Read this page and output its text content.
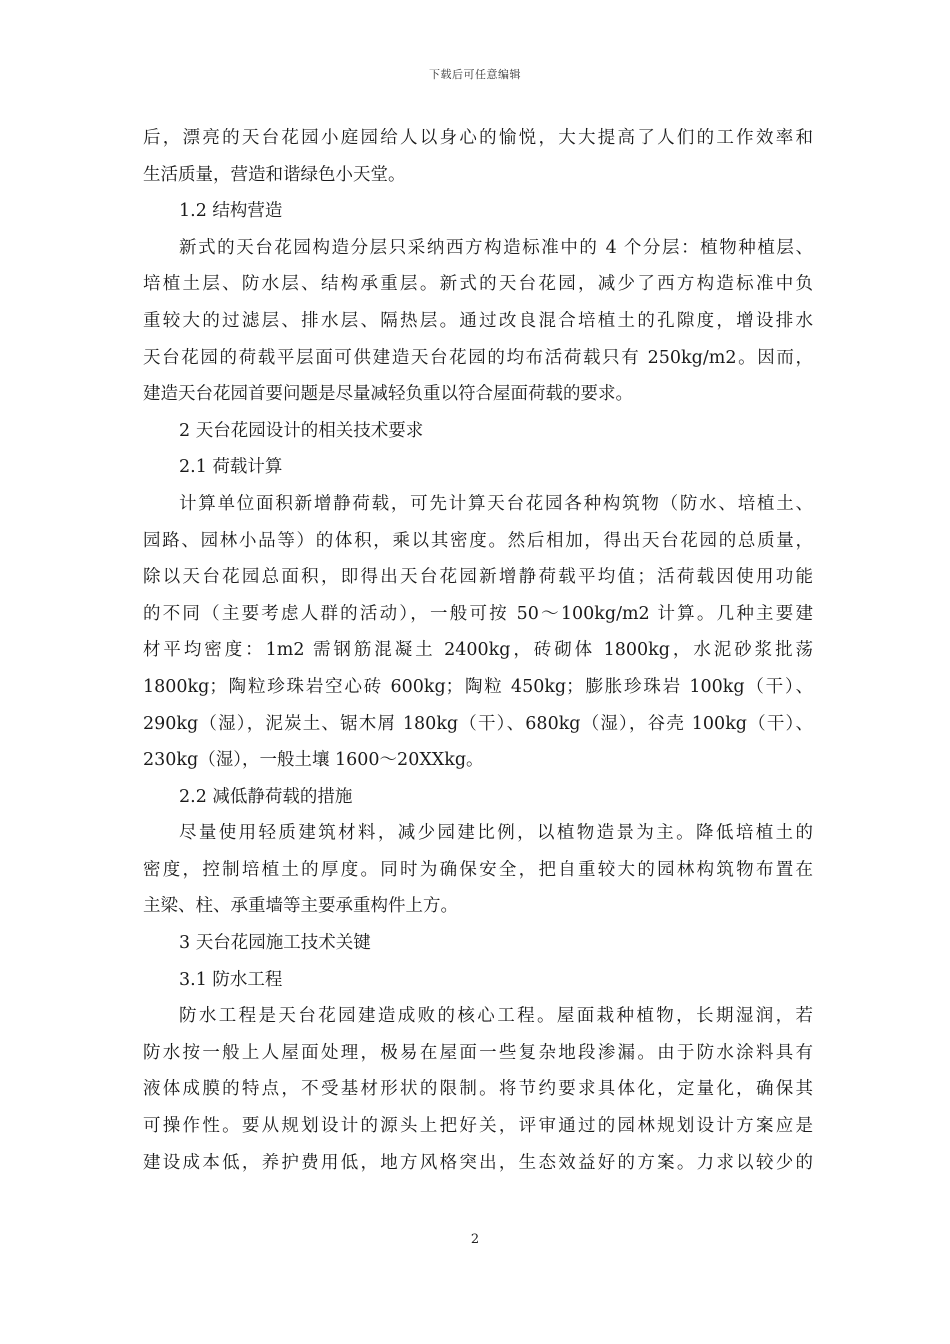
下载后可任意编辑
后，漂亮的天台花园小庭园给人以身心的愉悦，大大提高了人们的工作效率和
生活质量，营造和谐绿色小天堂。
1.2 结构营造
新式的天台花园构造分层只采纳西方构造标准中的 4 个分层：植物种植层、
培植土层、防水层、结构承重层。新式的天台花园，减少了西方构造标准中负
重较大的过滤层、排水层、隔热层。通过改良混合培植土的孔隙度，增设排水
天台花园的荷载平层面可供建造天台花园的均布活荷载只有 250kg/m2。因而，
建造天台花园首要问题是尽量减轻负重以符合屋面荷载的要求。
2 天台花园设计的相关技术要求
2.1 荷载计算
计算单位面积新增静荷载，可先计算天台花园各种构筑物（防水、培植土、
园路、园林小品等）的体积，乘以其密度。然后相加，得出天台花园的总质量，
除以天台花园总面积，即得出天台花园新增静荷载平均值；活荷载因使用功能
的不同（主要考虑人群的活动），一般可按 50～100kg/m2 计算。几种主要建
材平均密度：1m2 需钢筋混凝土 2400kg，砖砌体 1800kg，水泥砂浆批荡
1800kg；陶粒珍珠岩空心砖 600kg；陶粒 450kg；膨胀珍珠岩 100kg（干）、
290kg（湿），泥炭土、锯木屑 180kg（干）、680kg（湿），谷壳 100kg（干）、
230kg（湿），一般土壤 1600～20XXkg。
2.2 减低静荷载的措施
尽量使用轻质建筑材料，减少园建比例，以植物造景为主。降低培植土的
密度，控制培植土的厚度。同时为确保安全，把自重较大的园林构筑物布置在
主梁、柱、承重墙等主要承重构件上方。
3 天台花园施工技术关键
3.1 防水工程
防水工程是天台花园建造成败的核心工程。屋面栽种植物，长期湿润，若
防水按一般上人屋面处理，极易在屋面一些复杂地段渗漏。由于防水涂料具有
液体成膜的特点，不受基材形状的限制。将节约要求具体化，定量化，确保其
可操作性。要从规划设计的源头上把好关，评审通过的园林规划设计方案应是
建设成本低，养护费用低，地方风格突出，生态效益好的方案。力求以较少的
2
